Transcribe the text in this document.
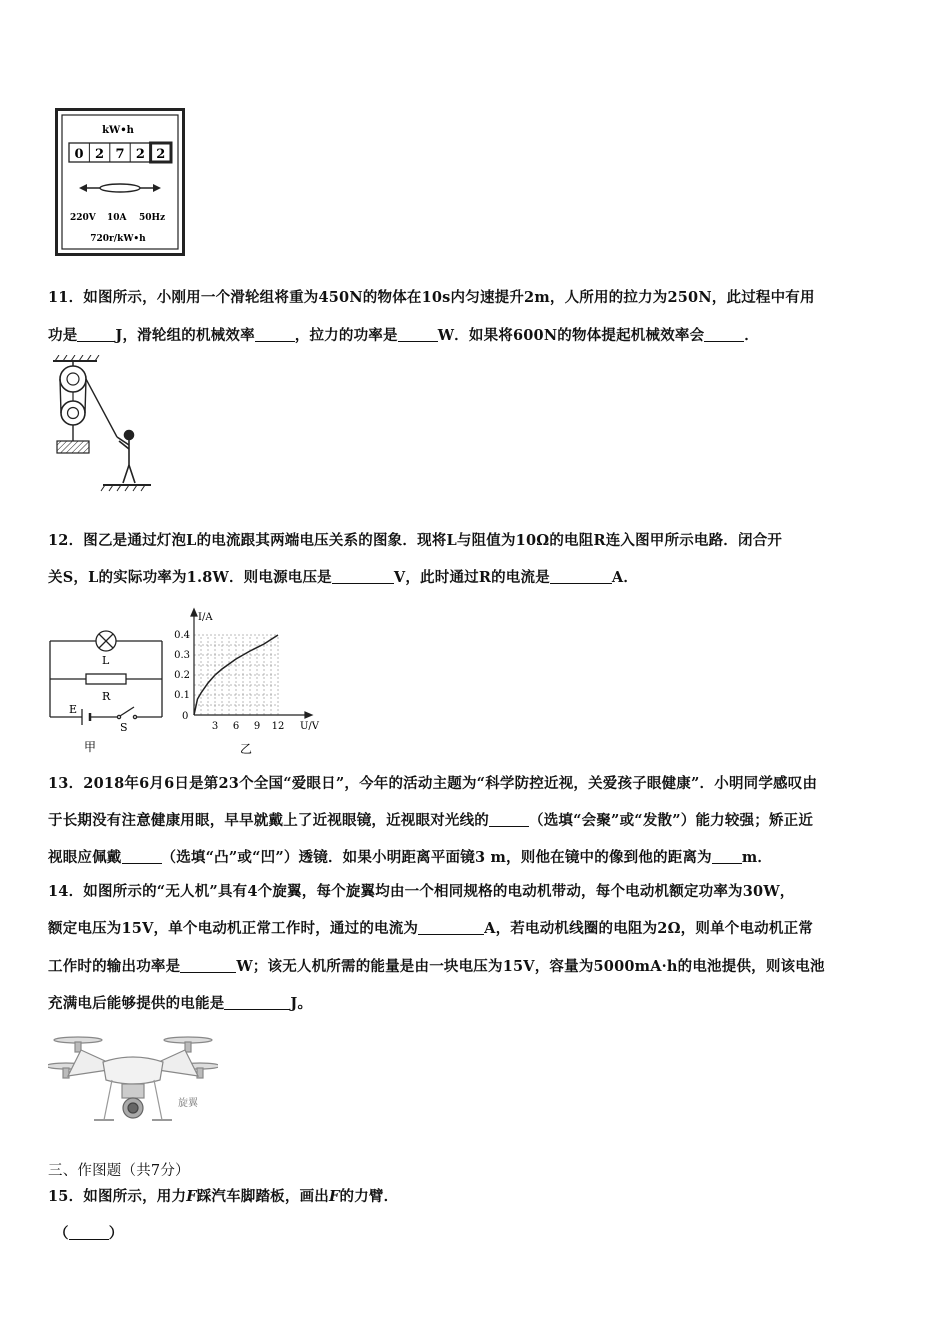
kW•h
0 2 7 2 2
220V 10A 50Hz
720r/kW•h
11．如图所示，小刚用一个滑轮组将重为450N的物体在10s内匀速提升2m，人所用的拉力为250N，此过程中有用
功是	J，滑轮组的机械效率	，拉力的功率是	W．如果将600N的物体提起机械效率会	．
12．图乙是通过灯泡L的电流跟其两端电压关系的图象．现将L与阻值为10Ω的电阻R连入图甲所示电路．闭合开
关S，L的实际功率为1.8W．则电源电压是	V，此时通过R的电流是	A．
L
R
E
S
甲
I/A
U/V
0
3 6 9 12
0.1
0.2
0.3
0.4
乙
13．2018年6月6日是第23个全国“爱眼日”，今年的活动主题为“科学防控近视，关爱孩子眼健康”．小明同学感叹由
于长期没有注意健康用眼，早早就戴上了近视眼镜，近视眼对光线的	（选填“会聚”或“发散”）能力较强；矫正近
视眼应佩戴	（选填“凸”或“凹”）透镜．如果小明距离平面镜3 m，则他在镜中的像到他的距离为 m．
14．如图所示的“无人机”具有4个旋翼，每个旋翼均由一个相同规格的电动机带动，每个电动机额定功率为30W，
额定电压为15V，单个电动机正常工作时，通过的电流为	A，若电动机线圈的电阻为2Ω，则单个电动机正常
工作时的输出功率是	W；该无人机所需的能量是由一块电压为15V，容量为5000mA·h的电池提供，则该电池
充满电后能够提供的电能是	J。
旋翼
三、作图题（共7分）
15．如图所示，用力F踩汽车脚踏板，画出F的力臂．
（	）
